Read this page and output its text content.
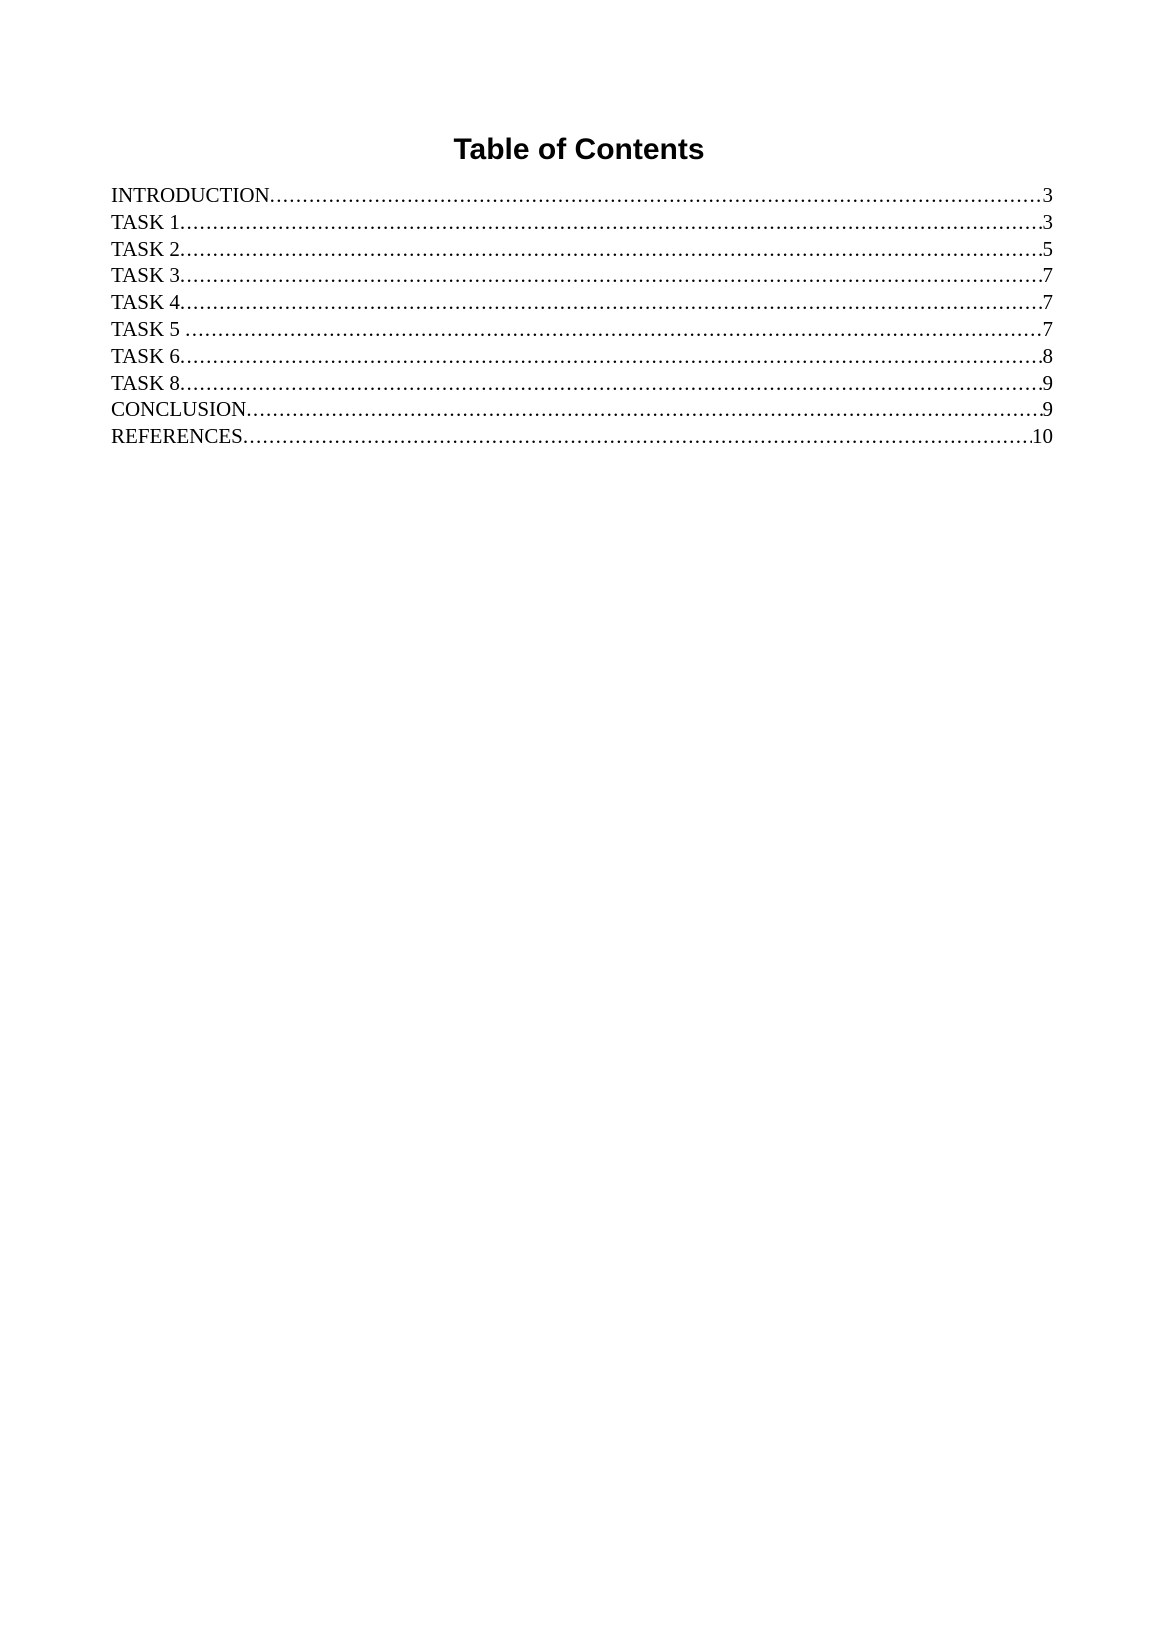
Table of Contents
INTRODUCTION .....	3
TASK 1 .....	3
TASK 2 .....	5
TASK 3 .....	7
TASK 4 .....	7
TASK 5 .....	7
TASK 6 .....	8
TASK 8 .....	9
CONCLUSION .....	9
REFERENCES .....	10
